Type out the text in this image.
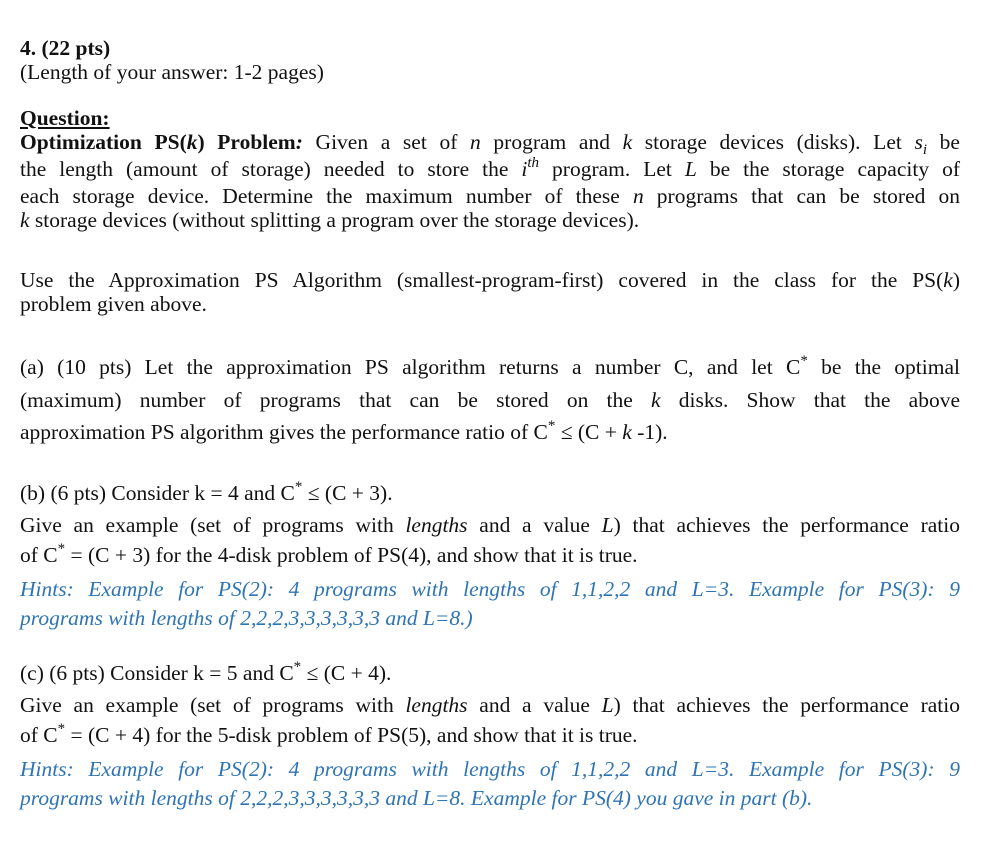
4. (22 pts)
(Length of your answer: 1-2 pages)
Question:
Optimization PS(k) Problem: Given a set of n program and k storage devices (disks). Let $s_i$ be
the length (amount of storage) needed to store the $i^{th}$ program. Let L be the storage capacity of
each storage device. Determine the maximum number of these n programs that can be stored on
k storage devices (without splitting a program over the storage devices).
Use the Approximation PS Algorithm (smallest-program-first) covered in the class for the PS(k)
problem given above.
(a) (10 pts) Let the approximation PS algorithm returns a number C, and let C* be the optimal
(maximum) number of programs that can be stored on the k disks. Show that the above
approximation PS algorithm gives the performance ratio of C* ≤ (C + k -1).
(b) (6 pts) Consider k = 4 and C* ≤ (C + 3).
Give an example (set of programs with lengths and a value L) that achieves the performance ratio
of C* = (C + 3) for the 4-disk problem of PS(4), and show that it is true.
Hints: Example for PS(2): 4 programs with lengths of 1,1,2,2 and L=3. Example for PS(3): 9
programs with lengths of 2,2,2,3,3,3,3,3,3 and L=8.)
(c) (6 pts) Consider k = 5 and C* ≤ (C + 4).
Give an example (set of programs with lengths and a value L) that achieves the performance ratio
of C* = (C + 4) for the 5-disk problem of PS(5), and show that it is true.
Hints: Example for PS(2): 4 programs with lengths of 1,1,2,2 and L=3. Example for PS(3): 9
programs with lengths of 2,2,2,3,3,3,3,3,3 and L=8. Example for PS(4) you gave in part (b).
